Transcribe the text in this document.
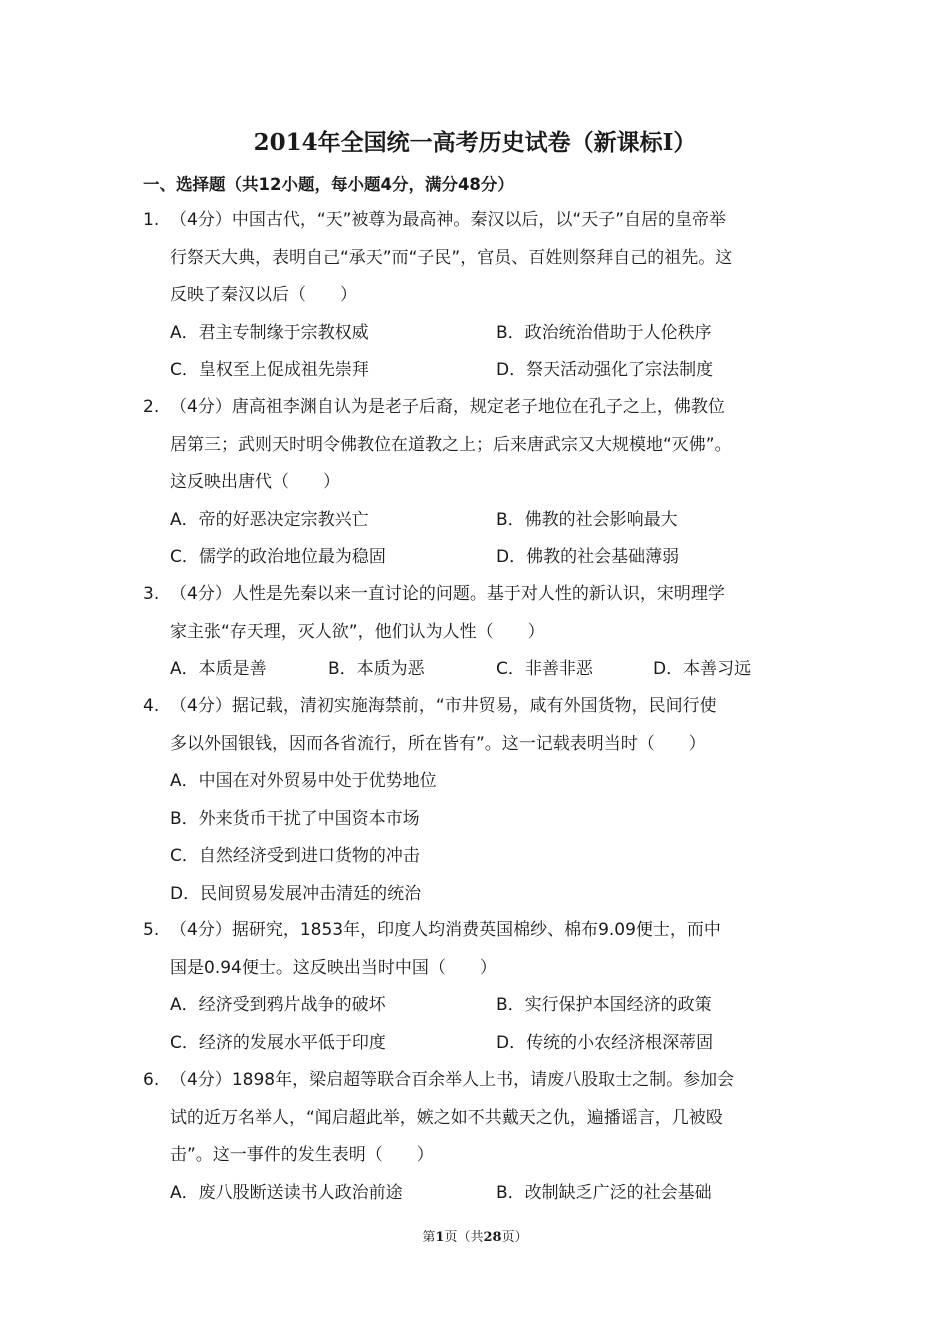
2014年全国统一高考历史试卷（新课标Ⅰ）
一、选择题（共12小题，每小题4分，满分48分）
1. （4分）中国古代，“天”被尊为最高神。秦汉以后，以“天子”自居的皇帝举
行祭天大典，表明自己“承天”而“子民”，官员、百姓则祭拜自己的祖先。这
反映了秦汉以后（　　）
A．君主专制缘于宗教权威	B．政治统治借助于人伦秩序
C．皇权至上促成祖先崇拜	D．祭天活动强化了宗法制度
2. （4分）唐高祖李渊自认为是老子后裔，规定老子地位在孔子之上，佛教位
居第三；武则天时明令佛教位在道教之上；后来唐武宗又大规模地“灭佛”。
这反映出唐代（　　）
A．帝的好恶决定宗教兴亡	B．佛教的社会影响最大
C．儒学的政治地位最为稳固	D．佛教的社会基础薄弱
3. （4分）人性是先秦以来一直讨论的问题。基于对人性的新认识，宋明理学
家主张“存天理，灭人欲”，他们认为人性（　　）
A．本质是善	B．本质为恶	C．非善非恶	D．本善习远
4. （4分）据记载，清初实施海禁前，“市井贸易，咸有外国货物，民间行使
多以外国银钱，因而各省流行，所在皆有”。这一记载表明当时（　　）
A．中国在对外贸易中处于优势地位
B．外来货币干扰了中国资本市场
C．自然经济受到进口货物的冲击
D．民间贸易发展冲击清廷的统治
5. （4分）据研究，1853年，印度人均消费英国棉纱、棉布9.09便士，而中
国是0.94便士。这反映出当时中国（　　）
A．经济受到鸦片战争的破坏	B．实行保护本国经济的政策
C．经济的发展水平低于印度	D．传统的小农经济根深蒂固
6. （4分）1898年，梁启超等联合百余举人上书，请废八股取士之制。参加会
试的近万名举人，“闻启超此举，嫉之如不共戴天之仇，遍播谣言，几被殴
击”。这一事件的发生表明（　　）
A．废八股断送读书人政治前途	B．改制缺乏广泛的社会基础
第1页（共28页）
